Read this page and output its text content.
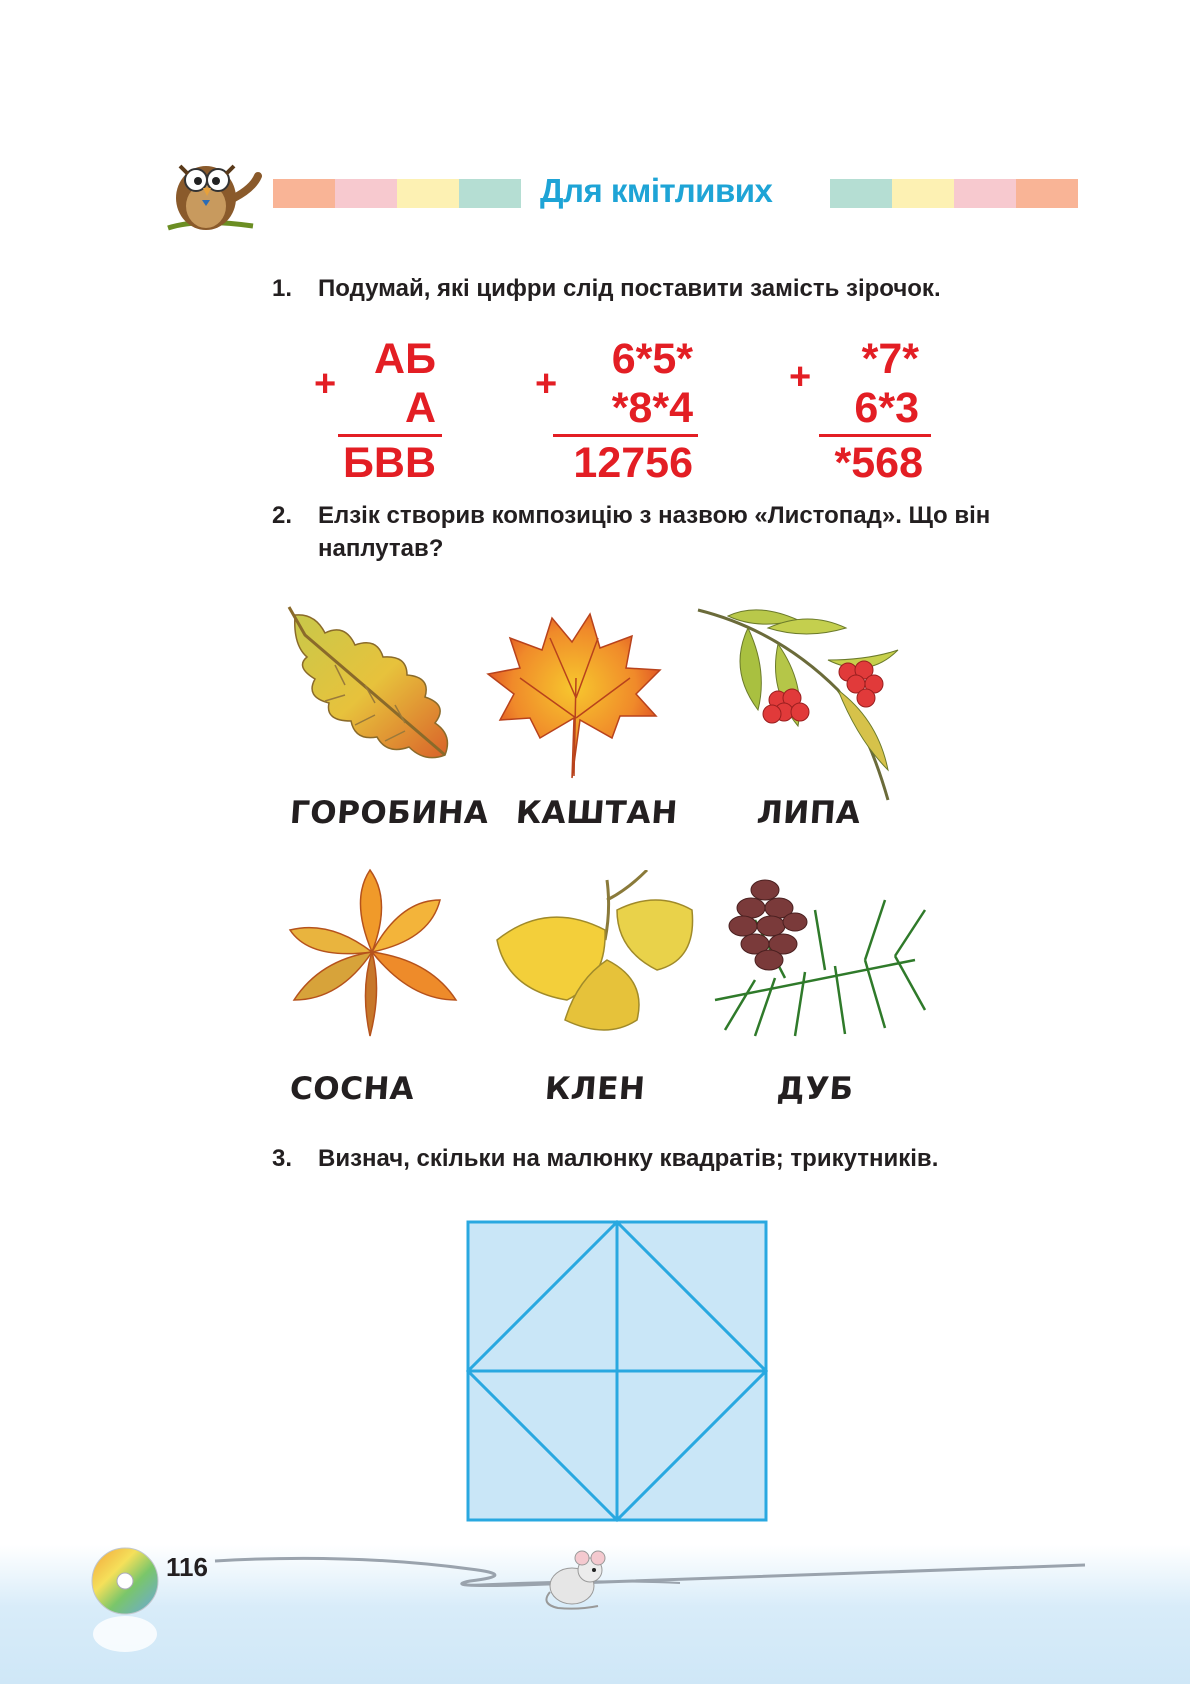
Для кмітливих
1. Подумай, які цифри слід поставити замість зірочок.
+
АБ
А
БВВ
+
6*5*
*8*4
12756
+ *7*
6*3
*568
2. Елзік створив композицію з назвою «Листопад». Що він
наплутав?
ГОРОБИНА КАШТАН ЛИПА
СОСНА	КЛЕН	ДУБ
3. Визнач, скільки на малюнку квадратів; трикутників.
116
